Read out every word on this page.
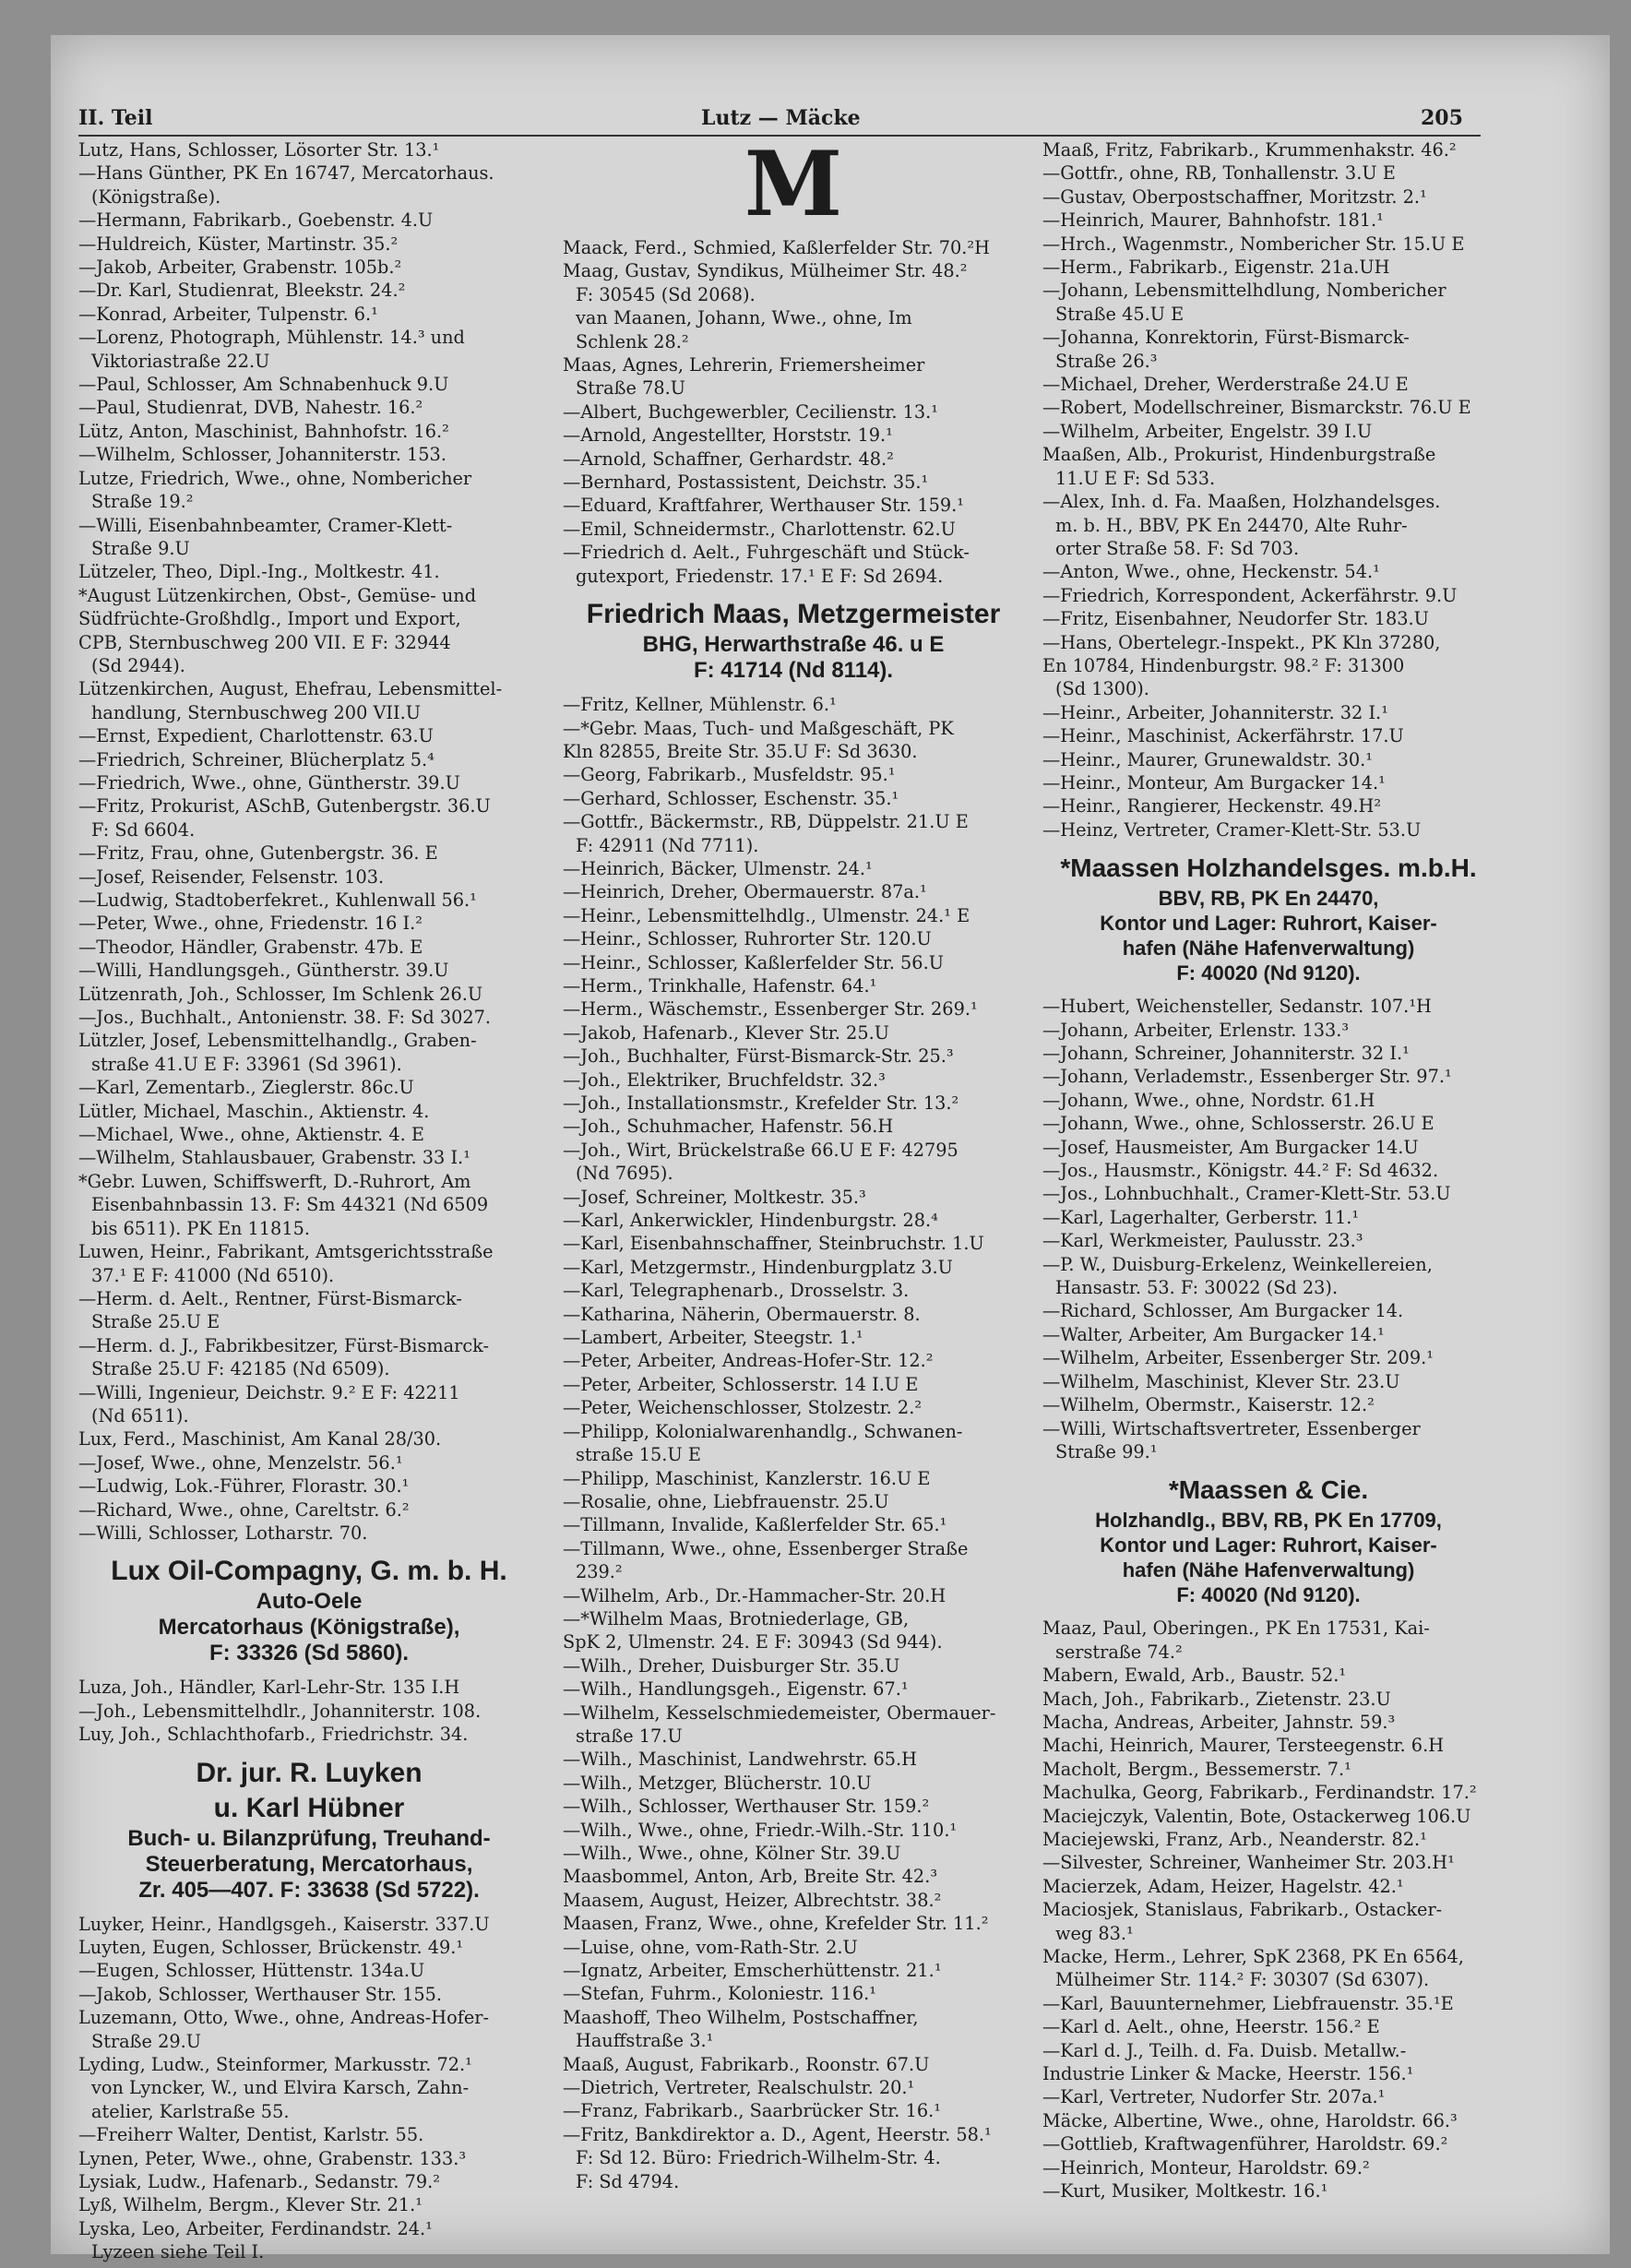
II. Teil	Lutz — Mäcke	205

Lutz, Hans, Schlosser, Lösorter Str. 13.¹

—Hans Günther, PK En 16747, Mercatorhaus.

(Königstraße).

—Hermann, Fabrikarb., Goebenstr. 4.U

—Huldreich, Küster, Martinstr. 35.²

—Jakob, Arbeiter, Grabenstr. 105b.²

—Dr. Karl, Studienrat, Bleekstr. 24.²

—Konrad, Arbeiter, Tulpenstr. 6.¹

—Lorenz, Photograph, Mühlenstr. 14.³ und

Viktoriastraße 22.U

—Paul, Schlosser, Am Schnabenhuck 9.U

—Paul, Studienrat, DVB, Nahestr. 16.²

Lütz, Anton, Maschinist, Bahnhofstr. 16.²

—Wilhelm, Schlosser, Johanniterstr. 153.

Lutze, Friedrich, Wwe., ohne, Nombericher

Straße 19.²

—Willi, Eisenbahnbeamter, Cramer-Klett-

Straße 9.U

Lützeler, Theo, Dipl.-Ing., Moltkestr. 41.

*August Lützenkirchen, Obst-, Gemüse- und

Südfrüchte-Großhdlg., Import und Export,

CPB, Sternbuschweg 200 VII. E F: 32944

(Sd 2944).

Lützenkirchen, August, Ehefrau, Lebensmittel-

handlung, Sternbuschweg 200 VII.U

—Ernst, Expedient, Charlottenstr. 63.U

—Friedrich, Schreiner, Blücherplatz 5.⁴

—Friedrich, Wwe., ohne, Güntherstr. 39.U

—Fritz, Prokurist, ASchB, Gutenbergstr. 36.U

F: Sd 6604.

—Fritz, Frau, ohne, Gutenbergstr. 36. E

—Josef, Reisender, Felsenstr. 103.

—Ludwig, Stadtoberfekret., Kuhlenwall 56.¹

—Peter, Wwe., ohne, Friedenstr. 16 I.²

—Theodor, Händler, Grabenstr. 47b. E

—Willi, Handlungsgeh., Güntherstr. 39.U

Lützenrath, Joh., Schlosser, Im Schlenk 26.U

—Jos., Buchhalt., Antonienstr. 38. F: Sd 3027.

Lützler, Josef, Lebensmittelhandlg., Graben-

straße 41.U E F: 33961 (Sd 3961).

—Karl, Zementarb., Zieglerstr. 86c.U

Lütler, Michael, Maschin., Aktienstr. 4.

—Michael, Wwe., ohne, Aktienstr. 4. E

—Wilhelm, Stahlausbauer, Grabenstr. 33 I.¹

*Gebr. Luwen, Schiffswerft, D.-Ruhrort, Am

Eisenbahnbassin 13. F: Sm 44321 (Nd 6509

bis 6511). PK En 11815.

Luwen, Heinr., Fabrikant, Amtsgerichtsstraße

37.¹ E F: 41000 (Nd 6510).

—Herm. d. Aelt., Rentner, Fürst-Bismarck-

Straße 25.U E

—Herm. d. J., Fabrikbesitzer, Fürst-Bismarck-

Straße 25.U F: 42185 (Nd 6509).

—Willi, Ingenieur, Deichstr. 9.² E F: 42211

(Nd 6511).

Lux, Ferd., Maschinist, Am Kanal 28/30.

—Josef, Wwe., ohne, Menzelstr. 56.¹

—Ludwig, Lok.-Führer, Florastr. 30.¹

—Richard, Wwe., ohne, Careltstr. 6.²

—Willi, Schlosser, Lotharstr. 70.

Lux Oil-Compagny, G. m. b. H.
Auto-Oele
Mercatorhaus (Königstraße),
F: 33326 (Sd 5860).

Luza, Joh., Händler, Karl-Lehr-Str. 135 I.H

—Joh., Lebensmittelhdlr., Johanniterstr. 108.

Luy, Joh., Schlachthofarb., Friedrichstr. 34.

Dr. jur. R. Luyken
u. Karl Hübner
Buch- u. Bilanzprüfung, Treuhand-
Steuerberatung, Mercatorhaus,
Zr. 405—407. F: 33638 (Sd 5722).

Luyker, Heinr., Handlgsgeh., Kaiserstr. 337.U

Luyten, Eugen, Schlosser, Brückenstr. 49.¹

—Eugen, Schlosser, Hüttenstr. 134a.U

—Jakob, Schlosser, Werthauser Str. 155.

Luzemann, Otto, Wwe., ohne, Andreas-Hofer-

Straße 29.U

Lyding, Ludw., Steinformer, Markusstr. 72.¹

von Lyncker, W., und Elvira Karsch, Zahn-

atelier, Karlstraße 55.

—Freiherr Walter, Dentist, Karlstr. 55.

Lynen, Peter, Wwe., ohne, Grabenstr. 133.³

Lysiak, Ludw., Hafenarb., Sedanstr. 79.²

Lyß, Wilhelm, Bergm., Klever Str. 21.¹

Lyska, Leo, Arbeiter, Ferdinandstr. 24.¹

Lyzeen siehe Teil I.

M

Maack, Ferd., Schmied, Kaßlerfelder Str. 70.²H

Maag, Gustav, Syndikus, Mülheimer Str. 48.²

F: 30545 (Sd 2068).

van Maanen, Johann, Wwe., ohne, Im

Schlenk 28.²

Maas, Agnes, Lehrerin, Friemersheimer

Straße 78.U

—Albert, Buchgewerbler, Cecilienstr. 13.¹

—Arnold, Angestellter, Horststr. 19.¹

—Arnold, Schaffner, Gerhardstr. 48.²

—Bernhard, Postassistent, Deichstr. 35.¹

—Eduard, Kraftfahrer, Werthauser Str. 159.¹

—Emil, Schneidermstr., Charlottenstr. 62.U

—Friedrich d. Aelt., Fuhrgeschäft und Stück-

gutexport, Friedenstr. 17.¹ E F: Sd 2694.

Friedrich Maas, Metzgermeister
BHG, Herwarthstraße 46. u E
F: 41714 (Nd 8114).

—Fritz, Kellner, Mühlenstr. 6.¹

—*Gebr. Maas, Tuch- und Maßgeschäft, PK

Kln 82855, Breite Str. 35.U F: Sd 3630.

—Georg, Fabrikarb., Musfeldstr. 95.¹

—Gerhard, Schlosser, Eschenstr. 35.¹

—Gottfr., Bäckermstr., RB, Düppelstr. 21.U E

F: 42911 (Nd 7711).

—Heinrich, Bäcker, Ulmenstr. 24.¹

—Heinrich, Dreher, Obermauerstr. 87a.¹

—Heinr., Lebensmittelhdlg., Ulmenstr. 24.¹ E

—Heinr., Schlosser, Ruhrorter Str. 120.U

—Heinr., Schlosser, Kaßlerfelder Str. 56.U

—Herm., Trinkhalle, Hafenstr. 64.¹

—Herm., Wäschemstr., Essenberger Str. 269.¹

—Jakob, Hafenarb., Klever Str. 25.U

—Joh., Buchhalter, Fürst-Bismarck-Str. 25.³

—Joh., Elektriker, Bruchfeldstr. 32.³

—Joh., Installationsmstr., Krefelder Str. 13.²

—Joh., Schuhmacher, Hafenstr. 56.H

—Joh., Wirt, Brückelstraße 66.U E F: 42795

(Nd 7695).

—Josef, Schreiner, Moltkestr. 35.³

—Karl, Ankerwickler, Hindenburgstr. 28.⁴

—Karl, Eisenbahnschaffner, Steinbruchstr. 1.U

—Karl, Metzgermstr., Hindenburgplatz 3.U

—Karl, Telegraphenarb., Drosselstr. 3.

—Katharina, Näherin, Obermauerstr. 8.

—Lambert, Arbeiter, Steegstr. 1.¹

—Peter, Arbeiter, Andreas-Hofer-Str. 12.²

—Peter, Arbeiter, Schlosserstr. 14 I.U E

—Peter, Weichenschlosser, Stolzestr. 2.²

—Philipp, Kolonialwarenhandlg., Schwanen-

straße 15.U E

—Philipp, Maschinist, Kanzlerstr. 16.U E

—Rosalie, ohne, Liebfrauenstr. 25.U

—Tillmann, Invalide, Kaßlerfelder Str. 65.¹

—Tillmann, Wwe., ohne, Essenberger Straße

239.²

—Wilhelm, Arb., Dr.-Hammacher-Str. 20.H

—*Wilhelm Maas, Brotniederlage, GB,

SpK 2, Ulmenstr. 24. E F: 30943 (Sd 944).

—Wilh., Dreher, Duisburger Str. 35.U

—Wilh., Handlungsgeh., Eigenstr. 67.¹

—Wilhelm, Kesselschmiedemeister, Obermauer-

straße 17.U

—Wilh., Maschinist, Landwehrstr. 65.H

—Wilh., Metzger, Blücherstr. 10.U

—Wilh., Schlosser, Werthauser Str. 159.²

—Wilh., Wwe., ohne, Friedr.-Wilh.-Str. 110.¹

—Wilh., Wwe., ohne, Kölner Str. 39.U

Maasbommel, Anton, Arb, Breite Str. 42.³

Maasem, August, Heizer, Albrechtstr. 38.²

Maasen, Franz, Wwe., ohne, Krefelder Str. 11.²

—Luise, ohne, vom-Rath-Str. 2.U

—Ignatz, Arbeiter, Emscherhüttenstr. 21.¹

—Stefan, Fuhrm., Koloniestr. 116.¹

Maashoff, Theo Wilhelm, Postschaffner,

Hauffstraße 3.¹

Maaß, August, Fabrikarb., Roonstr. 67.U

—Dietrich, Vertreter, Realschulstr. 20.¹

—Franz, Fabrikarb., Saarbrücker Str. 16.¹

—Fritz, Bankdirektor a. D., Agent, Heerstr. 58.¹

F: Sd 12. Büro: Friedrich-Wilhelm-Str. 4.

F: Sd 4794.

Maaß, Fritz, Fabrikarb., Krummenhakstr. 46.²

—Gottfr., ohne, RB, Tonhallenstr. 3.U E

—Gustav, Oberpostschaffner, Moritzstr. 2.¹

—Heinrich, Maurer, Bahnhofstr. 181.¹

—Hrch., Wagenmstr., Nombericher Str. 15.U E

—Herm., Fabrikarb., Eigenstr. 21a.UH

—Johann, Lebensmittelhdlung, Nombericher

Straße 45.U E

—Johanna, Konrektorin, Fürst-Bismarck-

Straße 26.³

—Michael, Dreher, Werderstraße 24.U E

—Robert, Modellschreiner, Bismarckstr. 76.U E

—Wilhelm, Arbeiter, Engelstr. 39 I.U

Maaßen, Alb., Prokurist, Hindenburgstraße

11.U E F: Sd 533.

—Alex, Inh. d. Fa. Maaßen, Holzhandelsges.

m. b. H., BBV, PK En 24470, Alte Ruhr-

orter Straße 58. F: Sd 703.

—Anton, Wwe., ohne, Heckenstr. 54.¹

—Friedrich, Korrespondent, Ackerfährstr. 9.U

—Fritz, Eisenbahner, Neudorfer Str. 183.U

—Hans, Obertelegr.-Inspekt., PK Kln 37280,

En 10784, Hindenburgstr. 98.² F: 31300

(Sd 1300).

—Heinr., Arbeiter, Johanniterstr. 32 I.¹

—Heinr., Maschinist, Ackerfährstr. 17.U

—Heinr., Maurer, Grunewaldstr. 30.¹

—Heinr., Monteur, Am Burgacker 14.¹

—Heinr., Rangierer, Heckenstr. 49.H²

—Heinz, Vertreter, Cramer-Klett-Str. 53.U

*Maassen Holzhandelsges. m.b.H.
BBV, RB, PK En 24470,
Kontor und Lager: Ruhrort, Kaiser-
hafen (Nähe Hafenverwaltung)
F: 40020 (Nd 9120).

—Hubert, Weichensteller, Sedanstr. 107.¹H

—Johann, Arbeiter, Erlenstr. 133.³

—Johann, Schreiner, Johanniterstr. 32 I.¹

—Johann, Verlademstr., Essenberger Str. 97.¹

—Johann, Wwe., ohne, Nordstr. 61.H

—Johann, Wwe., ohne, Schlosserstr. 26.U E

—Josef, Hausmeister, Am Burgacker 14.U

—Jos., Hausmstr., Königstr. 44.² F: Sd 4632.

—Jos., Lohnbuchhalt., Cramer-Klett-Str. 53.U

—Karl, Lagerhalter, Gerberstr. 11.¹

—Karl, Werkmeister, Paulusstr. 23.³

—P. W., Duisburg-Erkelenz, Weinkellereien,

Hansastr. 53. F: 30022 (Sd 23).

—Richard, Schlosser, Am Burgacker 14.

—Walter, Arbeiter, Am Burgacker 14.¹

—Wilhelm, Arbeiter, Essenberger Str. 209.¹

—Wilhelm, Maschinist, Klever Str. 23.U

—Wilhelm, Obermstr., Kaiserstr. 12.²

—Willi, Wirtschaftsvertreter, Essenberger

Straße 99.¹

*Maassen & Cie.
Holzhandlg., BBV, RB, PK En 17709,
Kontor und Lager: Ruhrort, Kaiser-
hafen (Nähe Hafenverwaltung)
F: 40020 (Nd 9120).

Maaz, Paul, Oberingen., PK En 17531, Kai-

serstraße 74.²

Mabern, Ewald, Arb., Baustr. 52.¹

Mach, Joh., Fabrikarb., Zietenstr. 23.U

Macha, Andreas, Arbeiter, Jahnstr. 59.³

Machi, Heinrich, Maurer, Tersteegenstr. 6.H

Macholt, Bergm., Bessemerstr. 7.¹

Machulka, Georg, Fabrikarb., Ferdinandstr. 17.²

Maciejczyk, Valentin, Bote, Ostackerweg 106.U

Maciejewski, Franz, Arb., Neanderstr. 82.¹

—Silvester, Schreiner, Wanheimer Str. 203.H¹

Macierzek, Adam, Heizer, Hagelstr. 42.¹

Maciosjek, Stanislaus, Fabrikarb., Ostacker-

weg 83.¹

Macke, Herm., Lehrer, SpK 2368, PK En 6564,

Mülheimer Str. 114.² F: 30307 (Sd 6307).

—Karl, Bauunternehmer, Liebfrauenstr. 35.¹E

—Karl d. Aelt., ohne, Heerstr. 156.² E

—Karl d. J., Teilh. d. Fa. Duisb. Metallw.-

Industrie Linker & Macke, Heerstr. 156.¹

—Karl, Vertreter, Nudorfer Str. 207a.¹

Mäcke, Albertine, Wwe., ohne, Haroldstr. 66.³

—Gottlieb, Kraftwagenführer, Haroldstr. 69.²

—Heinrich, Monteur, Haroldstr. 69.²

—Kurt, Musiker, Moltkestr. 16.¹
